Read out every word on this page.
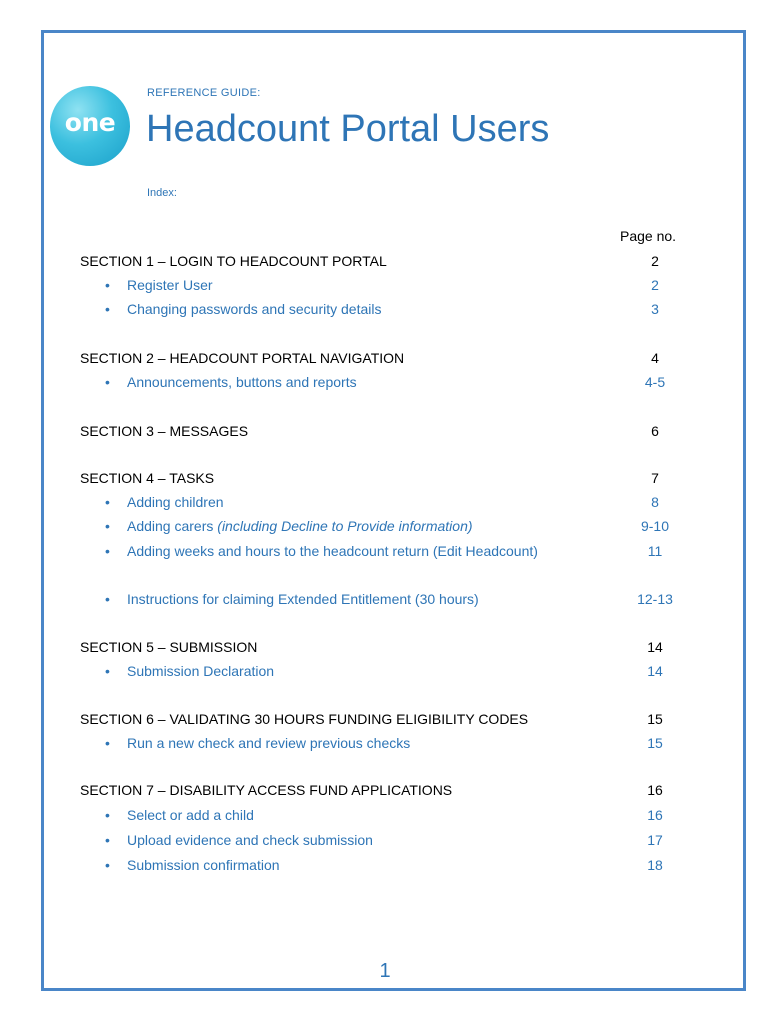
one
REFERENCE GUIDE:
Headcount Portal Users
Index:
Page no.
SECTION 1 – LOGIN TO HEADCOUNT PORTAL	2
• Register User	2
• Changing passwords and security details	3
SECTION 2 – HEADCOUNT PORTAL NAVIGATION	4
• Announcements, buttons and reports	4-5
SECTION 3 – MESSAGES	6
SECTION 4 – TASKS	7
• Adding children	8
• Adding carers (including Decline to Provide information)	9-10
• Adding weeks and hours to the headcount return (Edit Headcount)	11
• Instructions for claiming Extended Entitlement (30 hours)	12-13
SECTION 5 – SUBMISSION	14
• Submission Declaration	14
SECTION 6 – VALIDATING 30 HOURS FUNDING ELIGIBILITY CODES	15
• Run a new check and review previous checks	15
SECTION 7 – DISABILITY ACCESS FUND APPLICATIONS	16
• Select or add a child	16
• Upload evidence and check submission	17
• Submission confirmation	18
1
